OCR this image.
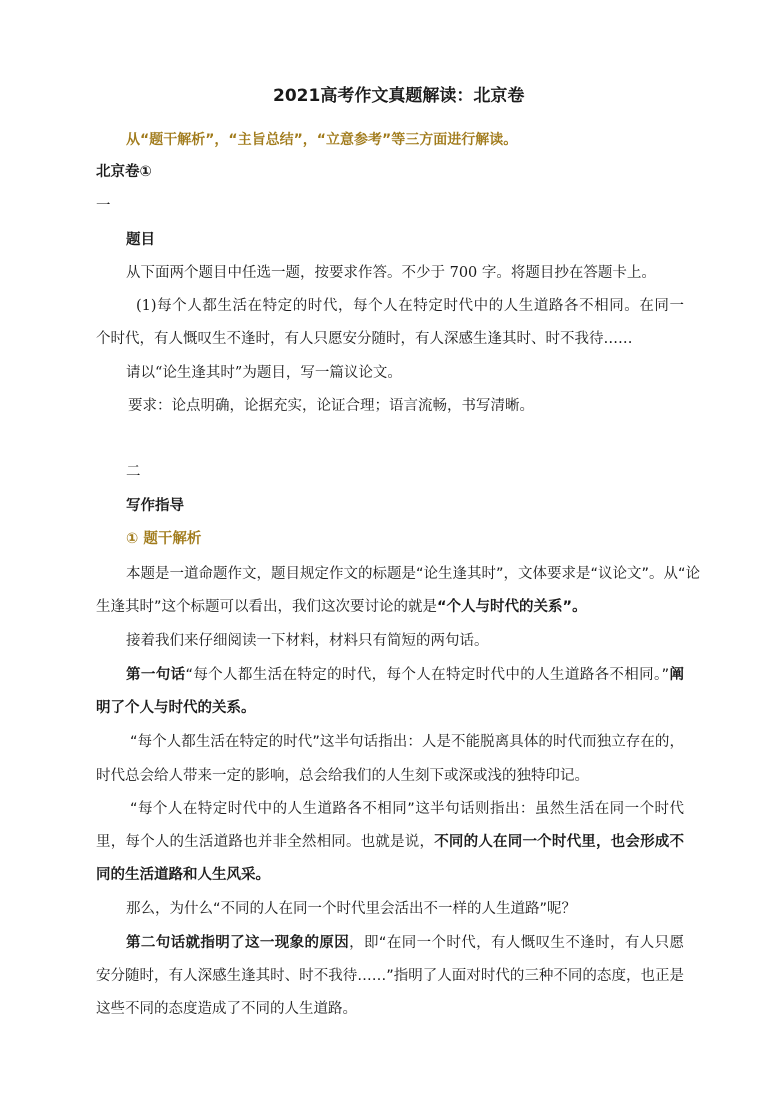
2021高考作文真题解读：北京卷
从“题干解析”，“主旨总结”，“立意参考”等三方面进行解读。
北京卷①
一
题目
从下面两个题目中任选一题，按要求作答。不少于 700 字。将题目抄在答题卡上。
(1)每个人都生活在特定的时代，每个人在特定时代中的人生道路各不相同。在同一
个时代，有人慨叹生不逢时，有人只愿安分随时，有人深感生逢其时、时不我待……
请以“论生逢其时”为题目，写一篇议论文。
要求：论点明确，论据充实，论证合理；语言流畅，书写清晰。
二
写作指导
① 题干解析
本题是一道命题作文，题目规定作文的标题是“论生逢其时”，文体要求是“议论文”。从“论
生逢其时”这个标题可以看出，我们这次要讨论的就是“个人与时代的关系”。
接着我们来仔细阅读一下材料，材料只有简短的两句话。
第一句话“每个人都生活在特定的时代，每个人在特定时代中的人生道路各不相同。”阐
明了个人与时代的关系。
“每个人都生活在特定的时代”这半句话指出：人是不能脱离具体的时代而独立存在的，
时代总会给人带来一定的影响，总会给我们的人生刻下或深或浅的独特印记。
“每个人在特定时代中的人生道路各不相同”这半句话则指出：虽然生活在同一个时代
里，每个人的生活道路也并非全然相同。也就是说，不同的人在同一个时代里，也会形成不
同的生活道路和人生风采。
那么，为什么“不同的人在同一个时代里会活出不一样的人生道路”呢？
第二句话就指明了这一现象的原因，即“在同一个时代，有人慨叹生不逢时，有人只愿
安分随时，有人深感生逢其时、时不我待……”指明了人面对时代的三种不同的态度，也正是
这些不同的态度造成了不同的人生道路。
